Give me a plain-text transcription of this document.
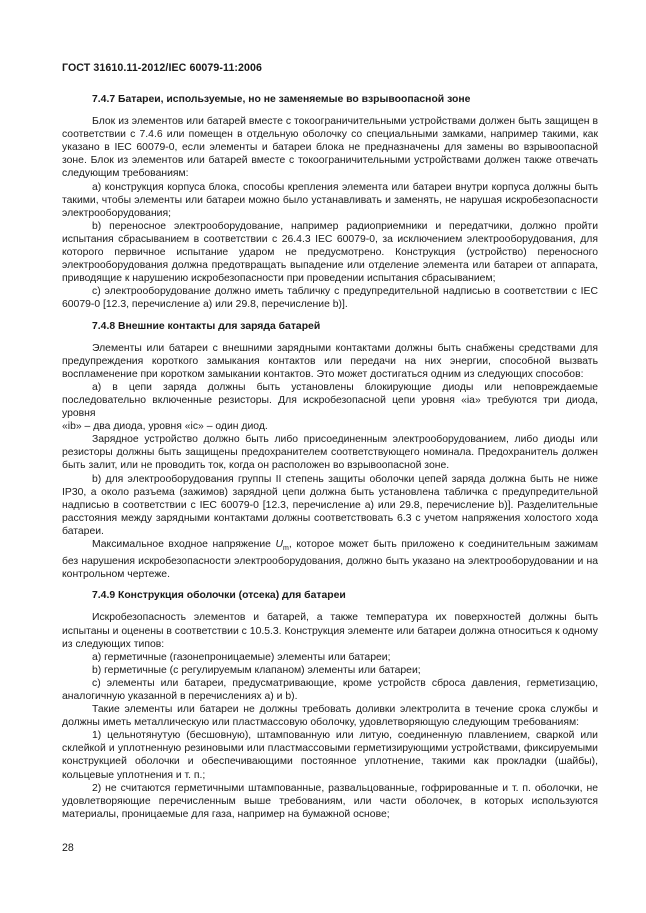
ГОСТ 31610.11-2012/IEC 60079-11:2006

7.4.7 Батареи, используемые, но не заменяемые во взрывоопасной зоне

Блок из элементов или батарей вместе с токоограничительными устройствами должен быть защищен в соответствии с 7.4.6 или помещен в отдельную оболочку со специальными замками, например такими, как указано в IEC 60079-0, если элементы и батареи блока не предназначены для замены во взрывоопасной зоне. Блок из элементов или батарей вместе с токоограничительными устройствами должен также отвечать следующим требованиям:

а) конструкция корпуса блока, способы крепления элемента или батареи внутри корпуса должны быть такими, чтобы элементы или батареи можно было устанавливать и заменять, не нарушая искробезопасности электрооборудования;

b) переносное электрооборудование, например радиоприемники и передатчики, должно пройти испытания сбрасыванием в соответствии с 26.4.3 IEC 60079-0, за исключением электрооборудования, для которого первичное испытание ударом не предусмотрено. Конструкция (устройство) переносного электрооборудования должна предотвращать выпадение или отделение элемента или батареи от аппарата, приводящие к нарушению искробезопасности при проведении испытания сбрасыванием;

с) электрооборудование должно иметь табличку с предупредительной надписью в соответствии с IEC 60079-0 [12.3, перечисление а) или 29.8, перечисление b)].

7.4.8 Внешние контакты для заряда батарей

Элементы или батареи с внешними зарядными контактами должны быть снабжены средствами для предупреждения короткого замыкания контактов или передачи на них энергии, способной вызвать воспламенение при коротком замыкании контактов. Это может достигаться одним из следующих способов:

а) в цепи заряда должны быть установлены блокирующие диоды или неповреждаемые последовательно включенные резисторы. Для искробезопасной цепи уровня «ia» требуются три диода, уровня

«ib» – два диода, уровня «ic» – один диод.

Зарядное устройство должно быть либо присоединенным электрооборудованием, либо диоды или резисторы должны быть защищены предохранителем соответствующего номинала. Предохранитель должен быть залит, или не проводить ток, когда он расположен во взрывоопасной зоне.

b) для электрооборудования группы II степень защиты оболочки цепей заряда должна быть не ниже IP30, а около разъема (зажимов) зарядной цепи должна быть установлена табличка с предупредительной надписью в соответствии с IEC 60079-0 [12.3, перечисление а) или 29.8, перечисление b)]. Разделительные расстояния между зарядными контактами должны соответствовать 6.3 с учетом напряжения холостого хода батареи.

Максимальное входное напряжение $U_m$, которое может быть приложено к соединительным зажимам без нарушения искробезопасности электрооборудования, должно быть указано на электрооборудовании и на контрольном чертеже.

7.4.9 Конструкция оболочки (отсека) для батареи

Искробезопасность элементов и батарей, а также температура их поверхностей должны быть испытаны и оценены в соответствии с 10.5.3. Конструкция элементе или батареи должна относиться к одному из следующих типов:

а) герметичные (газонепроницаемые) элементы или батареи;

b) герметичные (с регулируемым клапаном) элементы или батареи;

с) элементы или батареи, предусматривающие, кроме устройств сброса давления, герметизацию, аналогичную указанной в перечислениях а) и b).

Такие элементы или батареи не должны требовать доливки электролита в течение срока службы и должны иметь металлическую или пластмассовую оболочку, удовлетворяющую следующим требованиям:

1) цельнотянутую (бесшовную), штампованную или литую, соединенную плавлением, сваркой или склейкой и уплотненную резиновыми или пластмассовыми герметизирующими устройствами, фиксируемыми конструкцией оболочки и обеспечивающими постоянное уплотнение, такими как прокладки (шайбы), кольцевые уплотнения и т. п.;

2) не считаются герметичными штампованные, развальцованные, гофрированные и т. п. оболочки, не удовлетворяющие перечисленным выше требованиям, или части оболочек, в которых используются материалы, проницаемые для газа, например на бумажной основе;

28
